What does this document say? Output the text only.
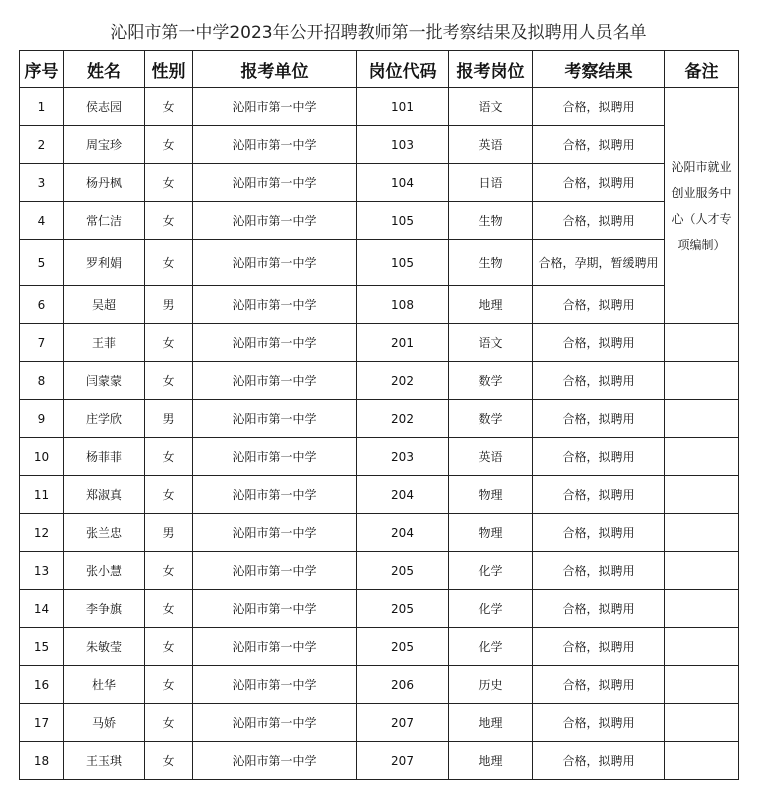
沁阳市第一中学2023年公开招聘教师第一批考察结果及拟聘用人员名单
序号	姓名	性别	报考单位	岗位代码	报考岗位	考察结果	备注
1	侯志园	女	沁阳市第一中学	101	语文	合格，拟聘用	沁阳市就业创业服务中心（人才专项编制）
2	周宝珍	女	沁阳市第一中学	103	英语	合格，拟聘用	
3	杨丹枫	女	沁阳市第一中学	104	日语	合格，拟聘用	
4	常仁洁	女	沁阳市第一中学	105	生物	合格，拟聘用	
5	罗利娟	女	沁阳市第一中学	105	生物	合格，孕期，暂缓聘用	
6	吴超	男	沁阳市第一中学	108	地理	合格，拟聘用	
7	王菲	女	沁阳市第一中学	201	语文	合格，拟聘用	
8	闫蒙蒙	女	沁阳市第一中学	202	数学	合格，拟聘用	
9	庄学欣	男	沁阳市第一中学	202	数学	合格，拟聘用	
10	杨菲菲	女	沁阳市第一中学	203	英语	合格，拟聘用	
11	郑淑真	女	沁阳市第一中学	204	物理	合格，拟聘用	
12	张兰忠	男	沁阳市第一中学	204	物理	合格，拟聘用	
13	张小慧	女	沁阳市第一中学	205	化学	合格，拟聘用	
14	李争旗	女	沁阳市第一中学	205	化学	合格，拟聘用	
15	朱敏莹	女	沁阳市第一中学	205	化学	合格，拟聘用	
16	杜华	女	沁阳市第一中学	206	历史	合格，拟聘用	
17	马娇	女	沁阳市第一中学	207	地理	合格，拟聘用	
18	王玉琪	女	沁阳市第一中学	207	地理	合格，拟聘用	
